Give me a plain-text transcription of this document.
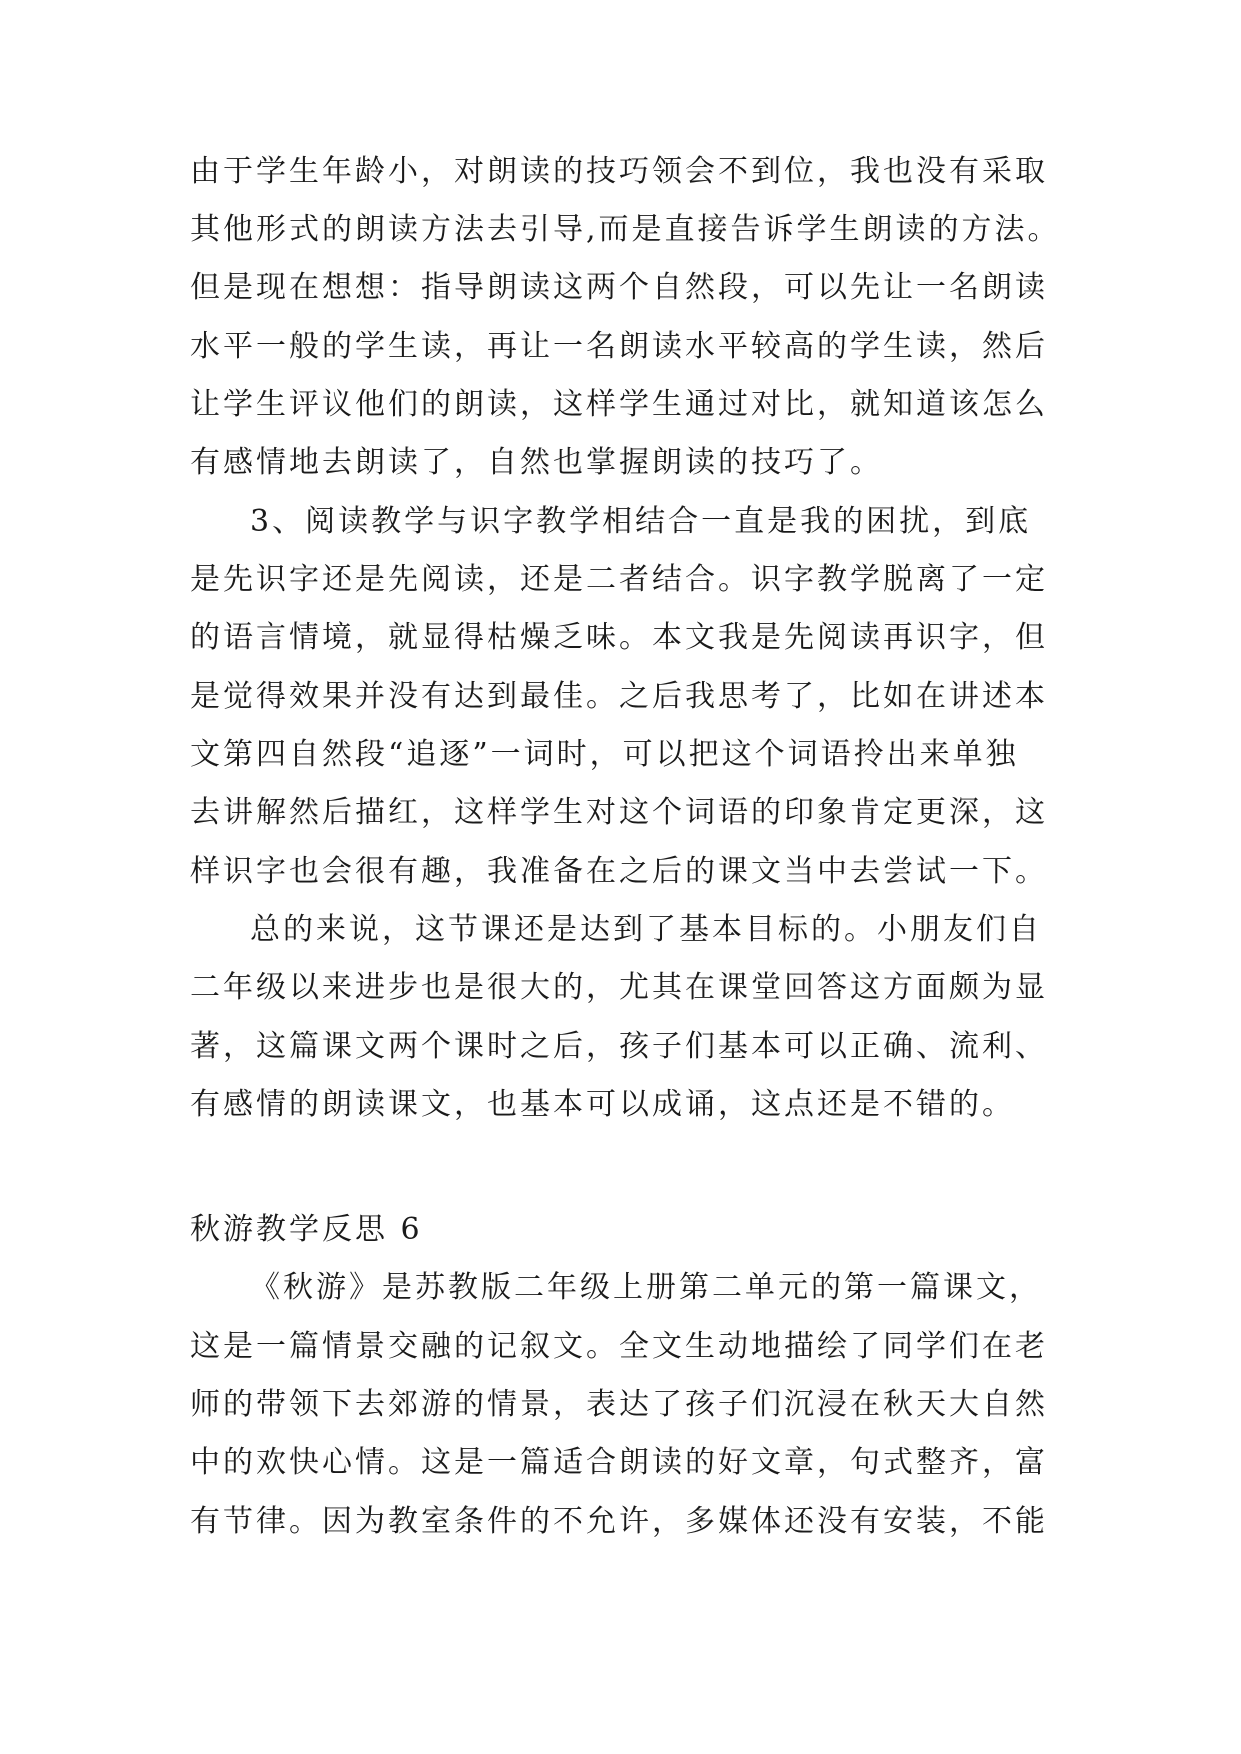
由于学生年龄小，对朗读的技巧领会不到位，我也没有采取
其他形式的朗读方法去引导,而是直接告诉学生朗读的方法。
但是现在想想：指导朗读这两个自然段，可以先让一名朗读
水平一般的学生读，再让一名朗读水平较高的学生读，然后
让学生评议他们的朗读，这样学生通过对比，就知道该怎么
有感情地去朗读了，自然也掌握朗读的技巧了。
3、阅读教学与识字教学相结合一直是我的困扰，到底
是先识字还是先阅读，还是二者结合。识字教学脱离了一定
的语言情境，就显得枯燥乏味。本文我是先阅读再识字，但
是觉得效果并没有达到最佳。之后我思考了，比如在讲述本
文第四自然段“追逐”一词时，可以把这个词语拎出来单独
去讲解然后描红，这样学生对这个词语的印象肯定更深，这
样识字也会很有趣，我准备在之后的课文当中去尝试一下。
总的来说，这节课还是达到了基本目标的。小朋友们自
二年级以来进步也是很大的，尤其在课堂回答这方面颇为显
著，这篇课文两个课时之后，孩子们基本可以正确、流利、
有感情的朗读课文，也基本可以成诵，这点还是不错的。
秋游教学反思 6
《秋游》是苏教版二年级上册第二单元的第一篇课文，
这是一篇情景交融的记叙文。全文生动地描绘了同学们在老
师的带领下去郊游的情景，表达了孩子们沉浸在秋天大自然
中的欢快心情。这是一篇适合朗读的好文章，句式整齐，富
有节律。因为教室条件的不允许，多媒体还没有安装，不能
